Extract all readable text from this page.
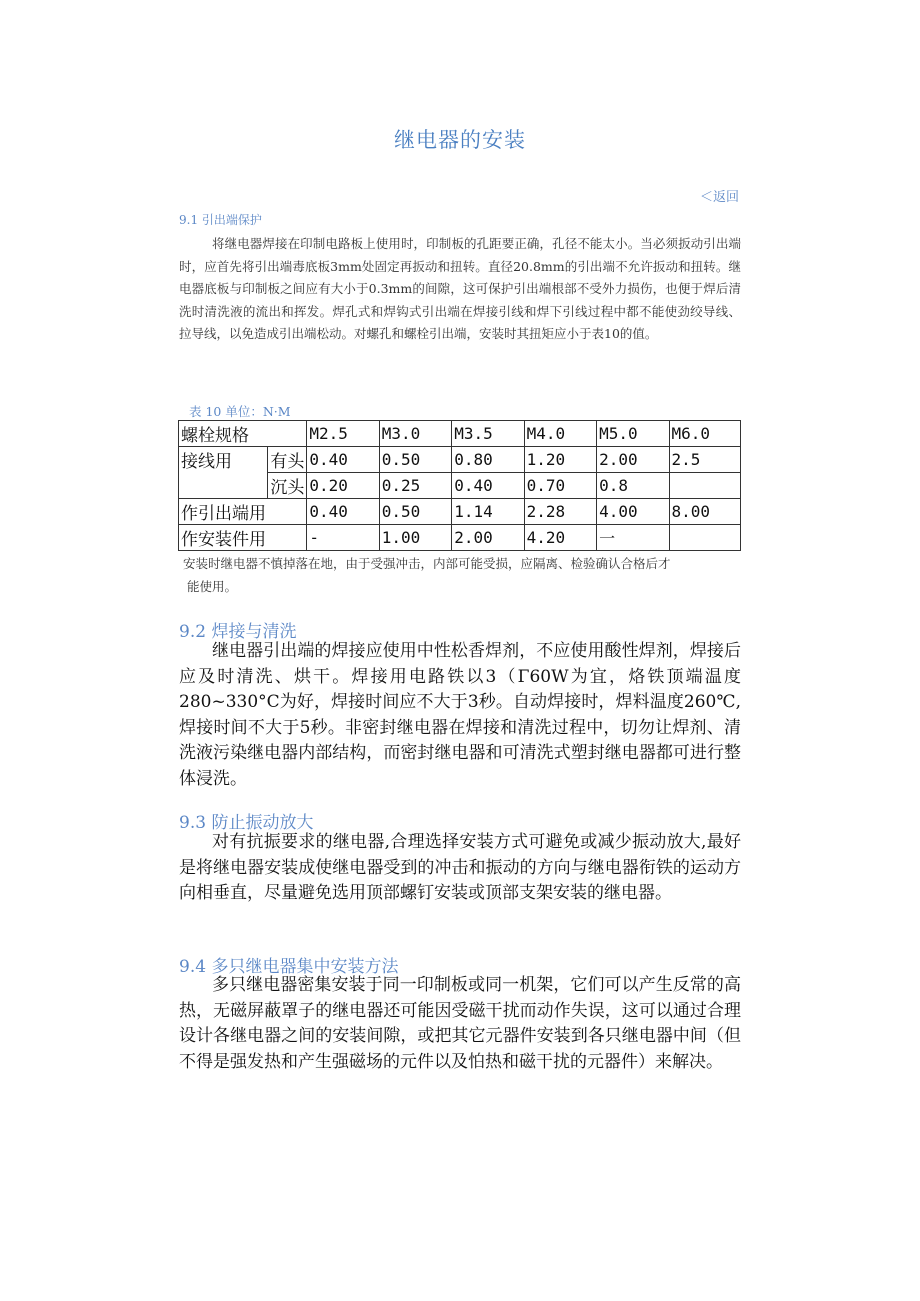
继电器的安装
＜返回
9.1 引出端保护

将继电器焊接在印制电路板上使用时，印制板的孔距要正确，孔径不能太小。当必须扳动引出端时，应首先将引出端毒底板3mm处固定再扳动和扭转。直径20.8mm的引出端不允许扳动和扭转。继电器底板与印制板之间应有大小于0.3mm的间隙，这可保护引出端根部不受外力损伤，也便于焊后清洗时清洗液的流出和挥发。焊孔式和焊钩式引出端在焊接引线和焊下引线过程中都不能使劲绞导线、拉导线，以免造成引出端松动。对螺孔和螺栓引出端，安装时其扭矩应小于表10的值。

表 10 单位：N·M
螺栓规格		M2.5	M3.0	M3.5	M4.0	M5.0	M6.0
接线用	有头	0.40	0.50	0.80	1.20	2.00	2.5
	沉头	0.20	0.25	0.40	0.70	0.8	
作引出端用		0.40	0.50	1.14	2.28	4.00	8.00
作安装件用		-	1.00	2.00	4.20	一	
安装时继电器不慎掉落在地，由于受强冲击，内部可能受损，应隔离、检验确认合格后才
能使用。
9.2 焊接与清洗

继电器引出端的焊接应使用中性松香焊剂，不应使用酸性焊剂，焊接后应及时清洗、烘干。焊接用电路铁以3（Γ60W为宜，烙铁顶端温度280~330°C为好，焊接时间应不大于3秒。自动焊接时，焊料温度260℃,焊接时间不大于5秒。非密封继电器在焊接和清洗过程中，切勿让焊剂、清洗液污染继电器内部结构，而密封继电器和可清洗式塑封继电器都可进行整体浸洗。

9.3 防止振动放大

对有抗振要求的继电器,合理选择安装方式可避免或减少振动放大,最好是将继电器安装成使继电器受到的冲击和振动的方向与继电器衔铁的运动方向相垂直，尽量避免选用顶部螺钉安装或顶部支架安装的继电器。

9.4 多只继电器集中安装方法

多只继电器密集安装于同一印制板或同一机架，它们可以产生反常的高热，无磁屏蔽罩子的继电器还可能因受磁干扰而动作失误，这可以通过合理设计各继电器之间的安装间隙，或把其它元器件安装到各只继电器中间（但不得是强发热和产生强磁场的元件以及怕热和磁干扰的元器件）来解决。
